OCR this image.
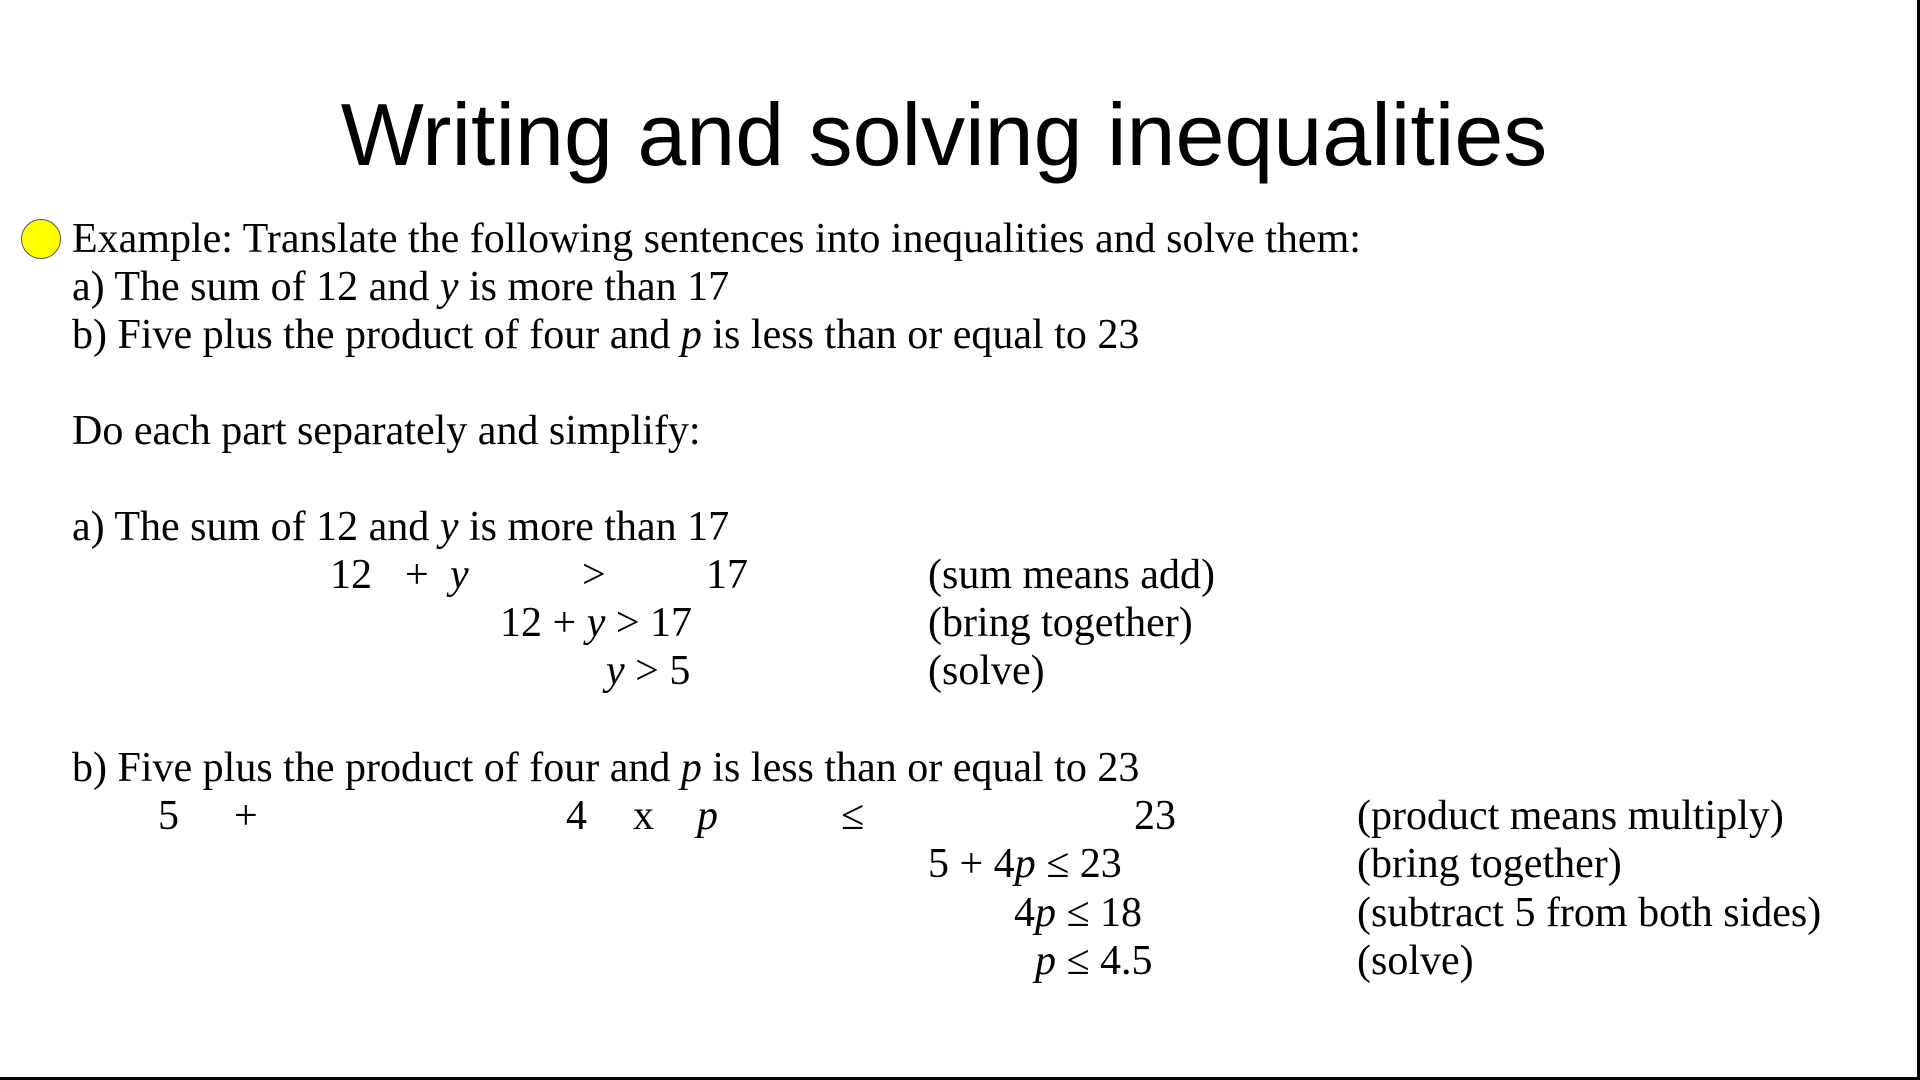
Writing and solving inequalities
Example: Translate the following sentences into inequalities and solve them:
a) The sum of 12 and y is more than 17
b) Five plus the product of four and p is less than or equal to 23
Do each part separately and simplify:
a) The sum of 12 and y is more than 17
12 + y	> 17	(sum means add)
12 + y > 17	(bring together)
y > 5	(solve)
b) Five plus the product of four and p is less than or equal to 23
5 +	4 x p	≤	23	(product means multiply)
5 + 4p ≤ 23	(bring together)
4p ≤ 18	(subtract 5 from both sides)
p ≤ 4.5	(solve)
